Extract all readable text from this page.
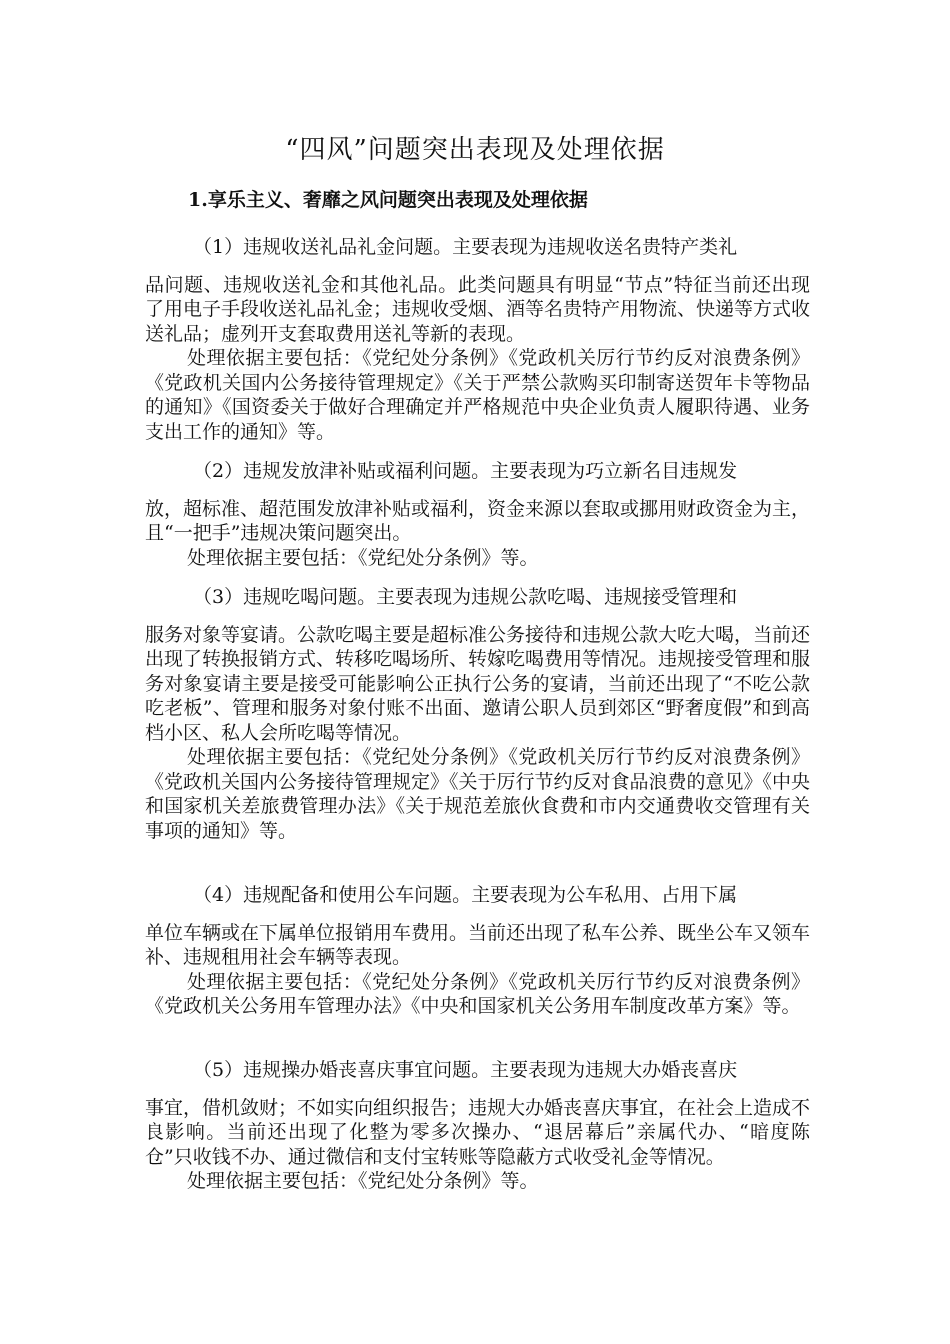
“四风”问题突出表现及处理依据
1.享乐主义、奢靡之风问题突出表现及处理依据

（1）违规收送礼品礼金问题。主要表现为违规收送名贵特产类礼

品问题、违规收送礼金和其他礼品。此类问题具有明显“节点”特征当前还出现了用电子手段收送礼品礼金；违规收受烟、酒等名贵特产用物流、快递等方式收送礼品；虚列开支套取费用送礼等新的表现。

处理依据主要包括：《党纪处分条例》《党政机关厉行节约反对浪费条例》《党政机关国内公务接待管理规定》《关于严禁公款购买印制寄送贺年卡等物品的通知》《国资委关于做好合理确定并严格规范中央企业负责人履职待遇、业务支出工作的通知》等。

（2）违规发放津补贴或福利问题。主要表现为巧立新名目违规发

放，超标准、超范围发放津补贴或福利，资金来源以套取或挪用财政资金为主，且“一把手”违规决策问题突出。

处理依据主要包括：《党纪处分条例》等。

（3）违规吃喝问题。主要表现为违规公款吃喝、违规接受管理和

服务对象等宴请。公款吃喝主要是超标准公务接待和违规公款大吃大喝，当前还出现了转换报销方式、转移吃喝场所、转嫁吃喝费用等情况。违规接受管理和服务对象宴请主要是接受可能影响公正执行公务的宴请，当前还出现了“不吃公款吃老板”、管理和服务对象付账不出面、邀请公职人员到郊区“野奢度假”和到高档小区、私人会所吃喝等情况。

处理依据主要包括：《党纪处分条例》《党政机关厉行节约反对浪费条例》《党政机关国内公务接待管理规定》《关于厉行节约反对食品浪费的意见》《中央和国家机关差旅费管理办法》《关于规范差旅伙食费和市内交通费收交管理有关事项的通知》等。

（4）违规配备和使用公车问题。主要表现为公车私用、占用下属

单位车辆或在下属单位报销用车费用。当前还出现了私车公养、既坐公车又领车补、违规租用社会车辆等表现。

处理依据主要包括：《党纪处分条例》《党政机关厉行节约反对浪费条例》《党政机关公务用车管理办法》《中央和国家机关公务用车制度改革方案》等。

（5）违规操办婚丧喜庆事宜问题。主要表现为违规大办婚丧喜庆

事宜，借机敛财；不如实向组织报告；违规大办婚丧喜庆事宜，在社会上造成不良影响。当前还出现了化整为零多次操办、“退居幕后”亲属代办、“暗度陈仓”只收钱不办、通过微信和支付宝转账等隐蔽方式收受礼金等情况。

处理依据主要包括：《党纪处分条例》等。
